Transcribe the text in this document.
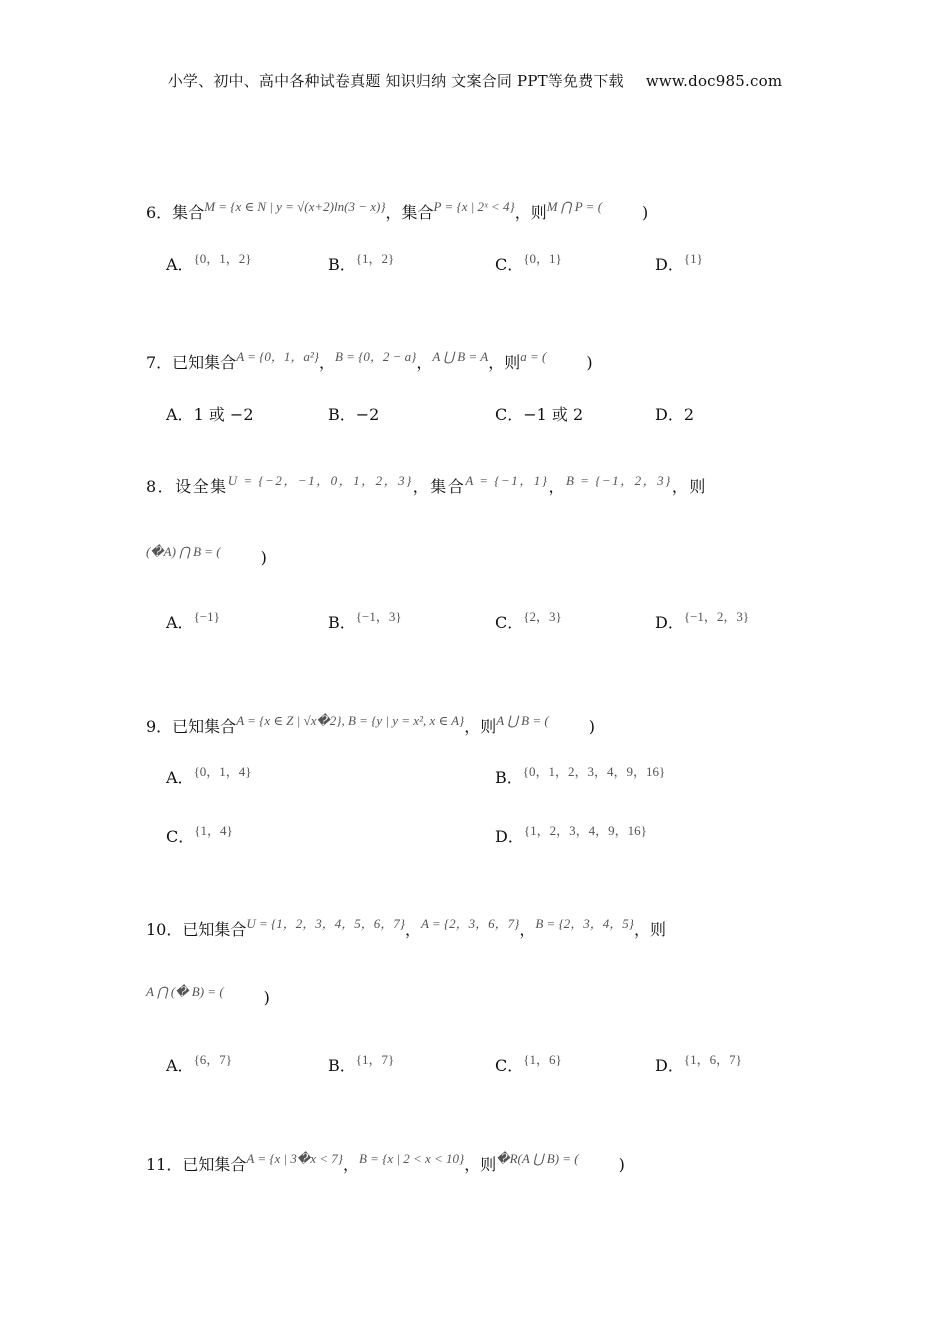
小学、初中、高中各种试卷真题 知识归纳 文案合同 PPT等免费下载 www.doc985.com
6．集合$^{M = \{x \in N | y = √(x+2)ln(3 - x)\}}$，集合$^{P = \{x | 2ˣ < 4\}}$，则$^{M ⋂ P = (}$	)
A．$^{\{0,1,2\}}$	B．$^{\{1,2\}}$	C．$^{\{0,1\}}$	D．$^{\{1\}}$
7．已知集合$^{A = \{0,1,a^2\}}$，$^{B = \{0,2 - a\}}$，$^{A ⋃ B = A}$，则$^{a = (}$	)
A．1 或 −2	B．−2	C．−1 或 2	D．2
8．设全集$^{U = \{-2,-1,0,1,2,3\}}$，集合$^{A = \{-1,1\}}$，$^{B = \{-1,2,3\}}$，则
$^{(�A) ⋂ B = (}$	)
A．$^{\{-1\}}$	B．$^{\{-1,3\}}$	C．$^{\{2,3\}}$	D．$^{\{-1,2,3\}}$
9．已知集合$^{A = \{x \in Z | √x�2\}, B = \{y | y = x^2, x \in A\}}$，则$^{A ⋃ B = (}$	)
A．$^{\{0,1,4\}}$	B．$^{\{0,1,2,3,4,9,16\}}$
C．$^{\{1,4\}}$	D．$^{\{1,2,3,4,9,16\}}$
10．已知集合$^{U = \{1,2,3,4,5,6,7\}}$，$^{A = \{2,3,6,7\}}$，$^{B = \{2,3,4,5\}}$，则
$^{A ⋂ (� B) = (}$	)
A．$^{\{6,7\}}$	B．$^{\{1,7\}}$	C．$^{\{1,6\}}$	D．$^{\{1,6,7\}}$
11．已知集合$^{A = \{x | 3�x < 7\}}$，$^{B = \{x | 2 < x < 10\}}$，则$^{�R(A ⋃ B) = (}$	)
